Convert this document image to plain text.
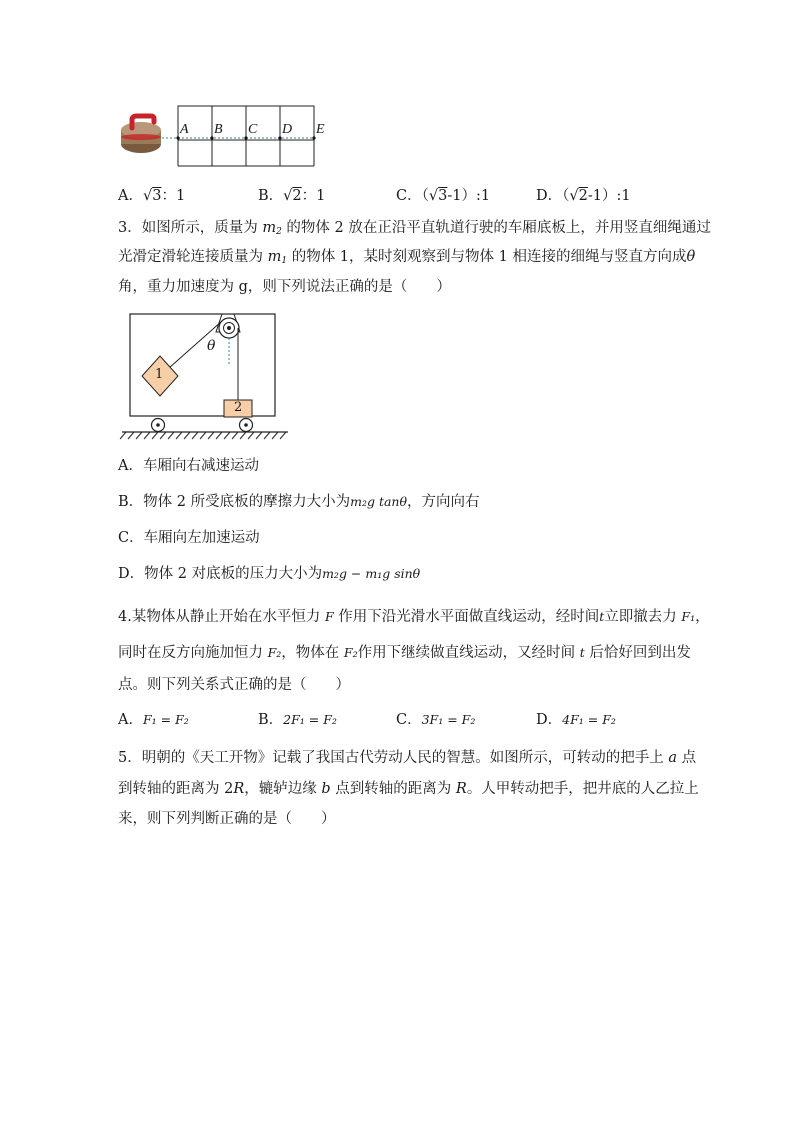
A B C D E
A．√3：1	B．√2：1	C．（√3-1）:1	D．（√2-1）:1
3．如图所示，质量为 $m_2$ 的物体 2 放在正沿平直轨道行驶的车厢底板上，并用竖直细绳通过
光滑定滑轮连接质量为 $m_1$ 的物体 1，某时刻观察到与物体 1 相连接的细绳与竖直方向成θ
角，重力加速度为 g，则下列说法正确的是（　　）
1
2
θ
A．车厢向右减速运动
B．物体 2 所受底板的摩擦力大小为m₂g tanθ，方向向右
C．车厢向左加速运动
D．物体 2 对底板的压力大小为m₂g − m₁g sinθ
4.某物体从静止开始在水平恒力 F 作用下沿光滑水平面做直线运动，经时间t立即撤去力 F₁，
同时在反方向施加恒力 F₂，物体在 F₂作用下继续做直线运动，又经时间 t 后恰好回到出发
点。则下列关系式正确的是（　　）
A．F₁ = F₂	B．2F₁ = F₂	C．3F₁ = F₂	D．4F₁ = F₂
5．明朝的《天工开物》记载了我国古代劳动人民的智慧。如图所示，可转动的把手上 a 点
到转轴的距离为 2R，辘轳边缘 b 点到转轴的距离为 R。人甲转动把手，把井底的人乙拉上
来，则下列判断正确的是（　　）
